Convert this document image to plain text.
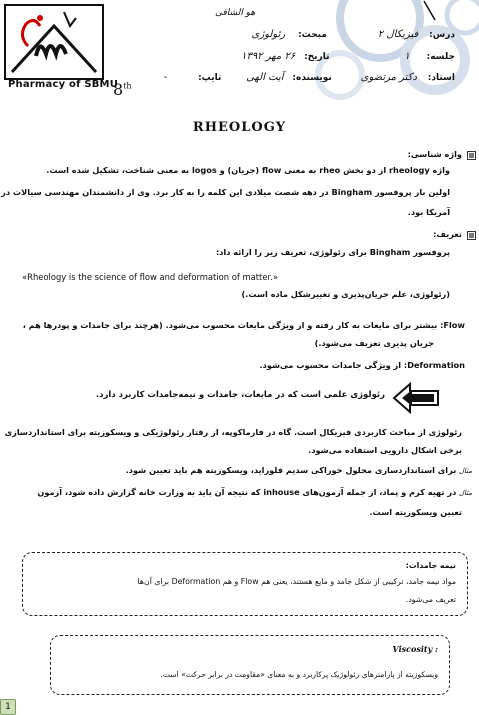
Pharmacy of SBMU
8th
هو الشافی
درس: فیزیکال ۲ مبحث: رئولوژی
جلسه: ۱ تاریخ: ۲۶ مهر ۱۳۹۲
استاد: دکتر مرتضوی نویسنده: آیت الهی تایپ: -
RHEOLOGY
واژه شناسی:
واژه rheology از دو بخش rheo به معنی flow (جریان) و logos به معنی شناخت، تشکیل شده است.
اولین بار پروفسور Bingham در دهه شصت میلادی این کلمه را به کار برد. وی از دانشمندان مهندسی سیالات در
آمریکا بود.
تعریف:
پروفسور Bingham برای رئولوژی، تعریف زیر را ارائه داد:
«Rheology is the science of flow and deformation of matter.»
(رئولوژی، علم جریان‌پذیری و تغییرشکل ماده است.)
Flow: بیشتر برای مایعات به کار رفته و از ویژگی مایعات محسوب می‌شود. (هرچند برای جامدات و پودرها هم ،
جریان پذیری تعریف می‌شود.)
Deformation: از ویژگی جامدات محسوب می‌شود.
رئولوژی علمی است که در مایعات، جامدات و نیمه‌جامدات کاربرد دارد.
رئولوژی از مباحث کاربردی فیزیکال است. گاه در فارماکوپه، از رفتار رئولوژیکی و ویسکوزیته برای استانداردسازی
برخی اشکال دارویی استفاده می‌شود.
مثال برای استانداردسازی محلول خوراکی سدیم فلوراید، ویسکوزیته هم باید تعیین شود.
مثال در تهیه کرم و پماد، از جمله آزمون‌های inhouse که نتیجه آن باید به وزارت خانه گزارش داده شود، آزمون
تعیین ویسکوزیته است.
نیمه جامدات:
مواد نیمه جامد، ترکیبی از شکل جامد و مایع هستند، یعنی هم Flow و هم Deformation برای آن‌ها
تعریف می‌شود.
: Viscosity
ویسکوزیته از پارامترهای رئولوژیک پرکاربرد و به معنای «مقاومت در برابر حرکت» است.
1
